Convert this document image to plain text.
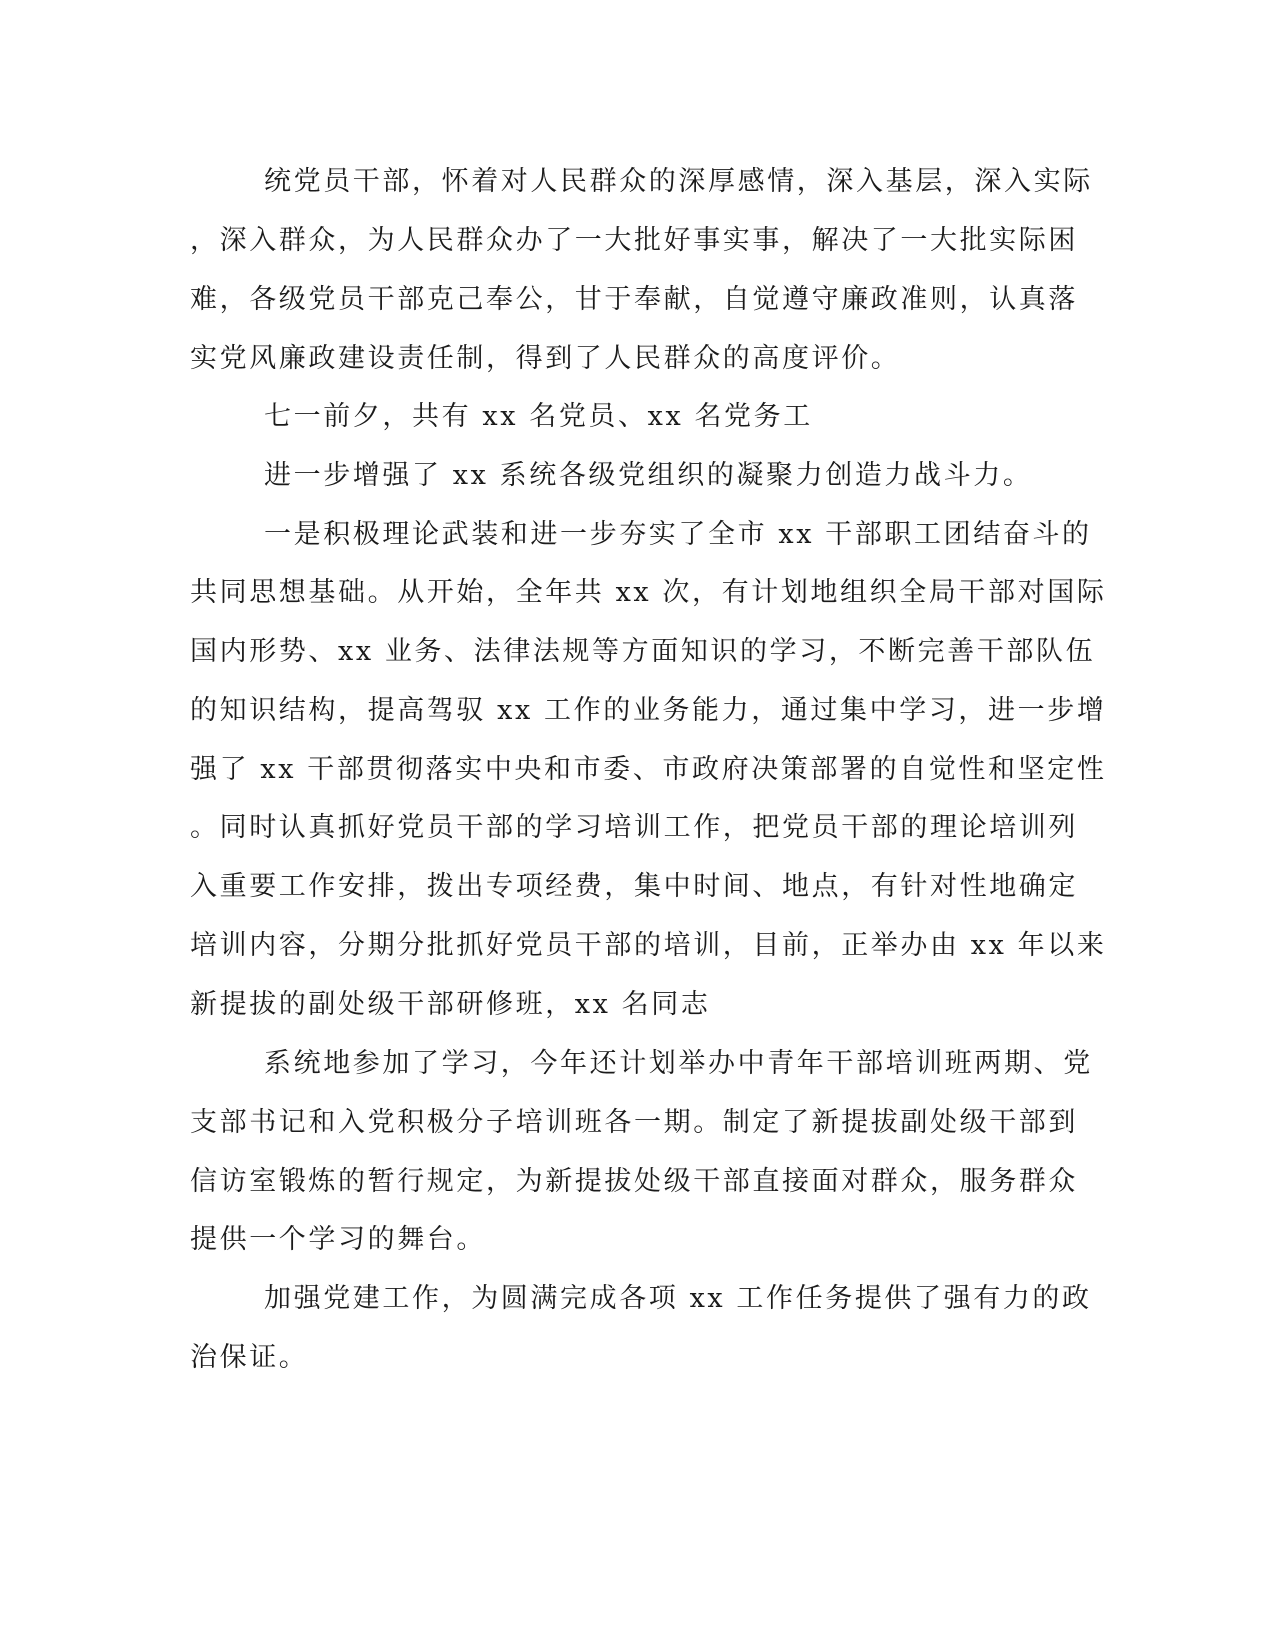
统党员干部，怀着对人民群众的深厚感情，深入基层，深入实际
，深入群众，为人民群众办了一大批好事实事，解决了一大批实际困
难，各级党员干部克己奉公，甘于奉献，自觉遵守廉政准则，认真落
实党风廉政建设责任制，得到了人民群众的高度评价。
七一前夕，共有 xx 名党员、xx 名党务工
进一步增强了 xx 系统各级党组织的凝聚力创造力战斗力。
一是积极理论武装和进一步夯实了全市 xx 干部职工团结奋斗的
共同思想基础。从开始，全年共 xx 次，有计划地组织全局干部对国际
国内形势、xx 业务、法律法规等方面知识的学习，不断完善干部队伍
的知识结构，提高驾驭 xx 工作的业务能力，通过集中学习，进一步增
强了 xx 干部贯彻落实中央和市委、市政府决策部署的自觉性和坚定性
。同时认真抓好党员干部的学习培训工作，把党员干部的理论培训列
入重要工作安排，拨出专项经费，集中时间、地点，有针对性地确定
培训内容，分期分批抓好党员干部的培训，目前，正举办由 xx 年以来
新提拔的副处级干部研修班，xx 名同志
系统地参加了学习，今年还计划举办中青年干部培训班两期、党
支部书记和入党积极分子培训班各一期。制定了新提拔副处级干部到
信访室锻炼的暂行规定，为新提拔处级干部直接面对群众，服务群众
提供一个学习的舞台。
加强党建工作，为圆满完成各项 xx 工作任务提供了强有力的政
治保证。
